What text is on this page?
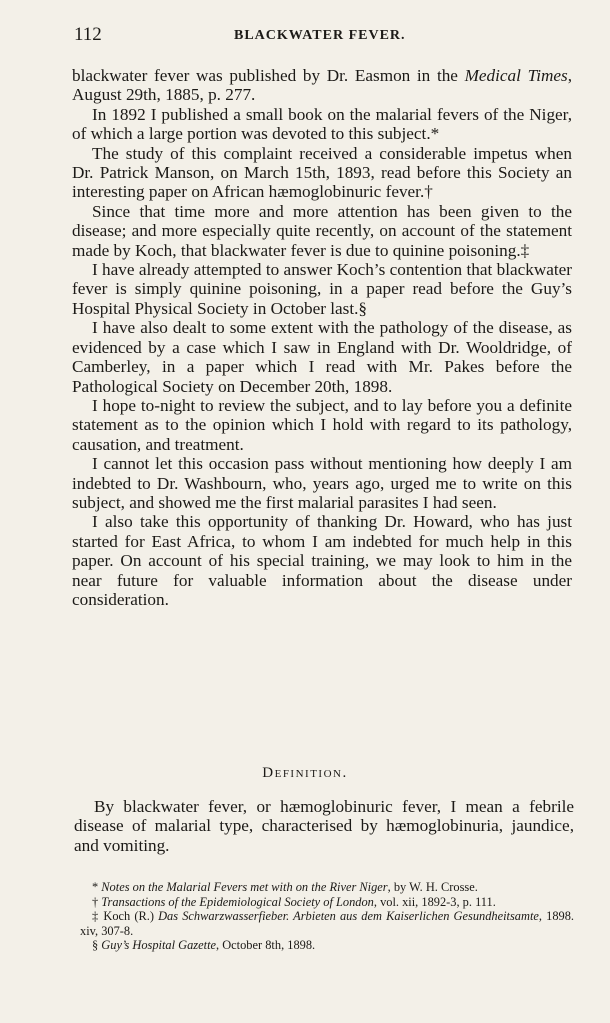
112	BLACKWATER FEVER.

blackwater fever was published by Dr. Easmon in the Medical Times, August 29th, 1885, p. 277.

In 1892 I published a small book on the malarial fevers of the Niger, of which a large portion was devoted to this subject.*

The study of this complaint received a considerable impetus when Dr. Patrick Manson, on March 15th, 1893, read before this Society an interesting paper on African hæmoglobinuric fever.†

Since that time more and more attention has been given to the disease; and more especially quite recently, on account of the statement made by Koch, that blackwater fever is due to quinine poisoning.‡

I have already attempted to answer Koch’s contention that blackwater fever is simply quinine poisoning, in a paper read before the Guy’s Hospital Physical Society in October last.§

I have also dealt to some extent with the pathology of the disease, as evidenced by a case which I saw in England with Dr. Wooldridge, of Camberley, in a paper which I read with Mr. Pakes before the Pathological Society on December 20th, 1898.

I hope to-night to review the subject, and to lay before you a definite statement as to the opinion which I hold with regard to its pathology, causation, and treatment.

I cannot let this occasion pass without mentioning how deeply I am indebted to Dr. Washbourn, who, years ago, urged me to write on this subject, and showed me the first malarial parasites I had seen.

I also take this opportunity of thanking Dr. Howard, who has just started for East Africa, to whom I am indebted for much help in this paper. On account of his special training, we may look to him in the near future for valuable information about the disease under consideration.

Definition.

By blackwater fever, or hæmoglobinuric fever, I mean a febrile disease of malarial type, characterised by hæmoglobinuria, jaundice, and vomiting.

* Notes on the Malarial Fevers met with on the River Niger, by W. H. Crosse.

† Transactions of the Epidemiological Society of London, vol. xii, 1892-3, p. 111.

‡ Koch (R.) Das Schwarzwasserfieber. Arbieten aus dem Kaiserlichen Gesundheitsamte, 1898. xiv, 307-8.

§ Guy’s Hospital Gazette, October 8th, 1898.
